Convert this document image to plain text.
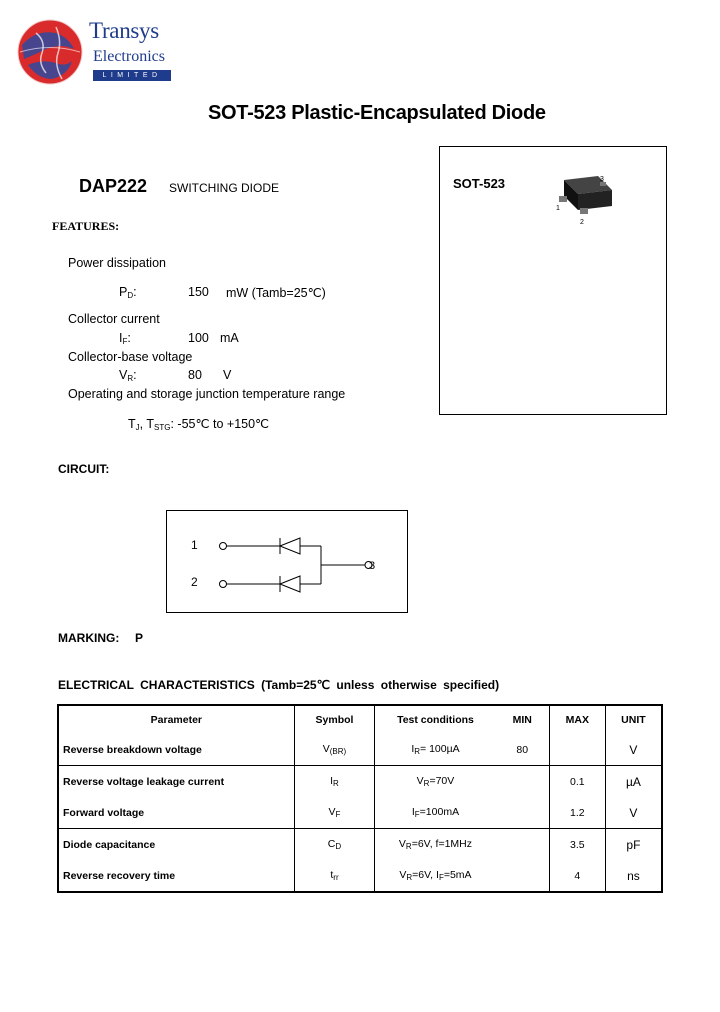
Transys
Electronics
LIMITED
SOT-523 Plastic-Encapsulated Diode
DAP222 SWITCHING DIODE
FEATURES:
Power dissipation
$P_D$:	150 mW (Tamb=25℃)
Collector current
$I_F$:	100 mA
Collector-base voltage
$V_R$:	80 V
Operating and storage junction temperature range
$T_J$, $T_{STG}$: -55℃ to +150℃
SOT-523
1
2
3
CIRCUIT:
1
2
3
MARKING: P
ELECTRICAL CHARACTERISTICS (Tamb=25℃ unless otherwise specified)
Parameter	Symbol	Test conditions	MIN	MAX	UNIT
Reverse breakdown voltage	$V_{(BR)}$	$I_R= 100\mu A$	80		V
Reverse voltage leakage current	$I_R$	$V_R=70V$		0.1	µA
Forward voltage	$V_F$	$I_F=100mA$		1.2	V
Diode capacitance	$C_D$	$V_R=6V$, f=1MHz		3.5	pF
Reverse recovery time	$t_{rr}$	$V_R=6V$, $I_F=5mA$		4	ns
